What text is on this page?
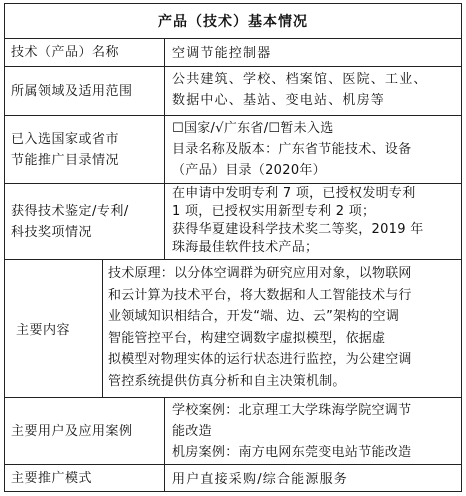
产品（技术）基本情况
技术（产品）名称	空调节能控制器
所属领域及适用范围
公共建筑、学校、档案馆、医院、工业、
数据中心、基站、变电站、机房等
已入选国家或省市
节能推广目录情况
☐国家/√广东省/☐暂未入选
目录名称及版本：广东省节能技术、设备
（产品）目录（2020年）
获得技术鉴定/专利/
科技奖项情况
在申请中发明专利 7 项，已授权发明专利
1 项，已授权实用新型专利 2 项；
获得华夏建设科学技术奖二等奖，2019 年
珠海最佳软件技术产品；
主要内容
技术原理：以分体空调群为研究应用对象，以物联网
和云计算为技术平台，将大数据和人工智能技术与行
业领域知识相结合，开发“端、边、云”架构的空调
智能管控平台，构建空调数字虚拟模型，依据虚
拟模型对物理实体的运行状态进行监控，为公建空调
管控系统提供仿真分析和自主决策机制。
主要用户及应用案例
学校案例：北京理工大学珠海学院空调节
能改造
机房案例：南方电网东莞变电站节能改造
主要推广模式	用户直接采购/综合能源服务
